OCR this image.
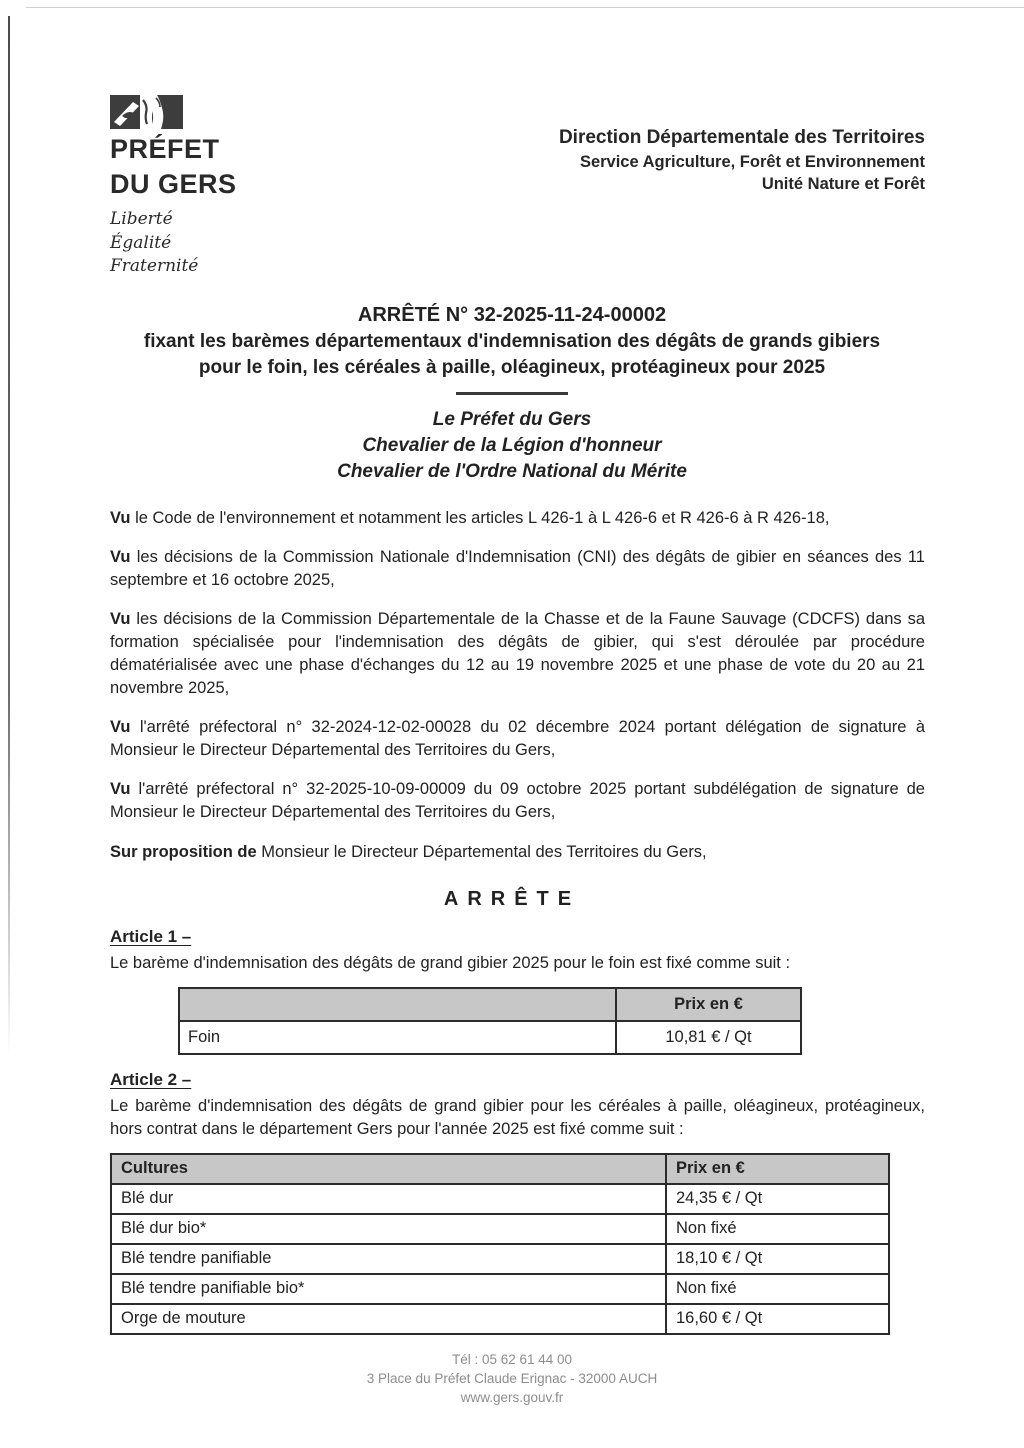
PRÉFET
DU GERS
Liberté
Égalité
Fraternité
Direction Départementale des Territoires
Service Agriculture, Forêt et Environnement
Unité Nature et Forêt
ARRÊTÉ N° 32-2025-11-24-00002
fixant les barèmes départementaux d'indemnisation des dégâts de grands gibiers
pour le foin, les céréales à paille, oléagineux, protéagineux pour 2025
Le Préfet du Gers
Chevalier de la Légion d'honneur
Chevalier de l'Ordre National du Mérite

Vu le Code de l'environnement et notamment les articles L 426-1 à L 426-6 et R 426-6 à R 426-18,

Vu les décisions de la Commission Nationale d'Indemnisation (CNI) des dégâts de gibier en séances des 11 septembre et 16 octobre 2025,

Vu les décisions de la Commission Départementale de la Chasse et de la Faune Sauvage (CDCFS) dans sa formation spécialisée pour l'indemnisation des dégâts de gibier, qui s'est déroulée par procédure dématérialisée avec une phase d'échanges du 12 au 19 novembre 2025 et une phase de vote du 20 au 21 novembre 2025,

Vu l'arrêté préfectoral n° 32-2024-12-02-00028 du 02 décembre 2024 portant délégation de signature à Monsieur le Directeur Départemental des Territoires du Gers,

Vu l'arrêté préfectoral n° 32-2025-10-09-00009 du 09 octobre 2025 portant subdélégation de signature de Monsieur le Directeur Départemental des Territoires du Gers,

Sur proposition de Monsieur le Directeur Départemental des Territoires du Gers,

ARRÊTE
Article 1 –
Le barème d'indemnisation des dégâts de grand gibier 2025 pour le foin est fixé comme suit :
	Prix en €
Foin	10,81 € / Qt
Article 2 –
Le barème d'indemnisation des dégâts de grand gibier pour les céréales à paille, oléagineux, protéagineux, hors contrat dans le département Gers pour l'année 2025 est fixé comme suit :
Cultures	Prix en €
Blé dur	24,35 € / Qt
Blé dur bio*	Non fixé
Blé tendre panifiable	18,10 € / Qt
Blé tendre panifiable bio*	Non fixé
Orge de mouture	16,60 € / Qt
Tél : 05 62 61 44 00
3 Place du Préfet Claude Erignac - 32000 AUCH
www.gers.gouv.fr
